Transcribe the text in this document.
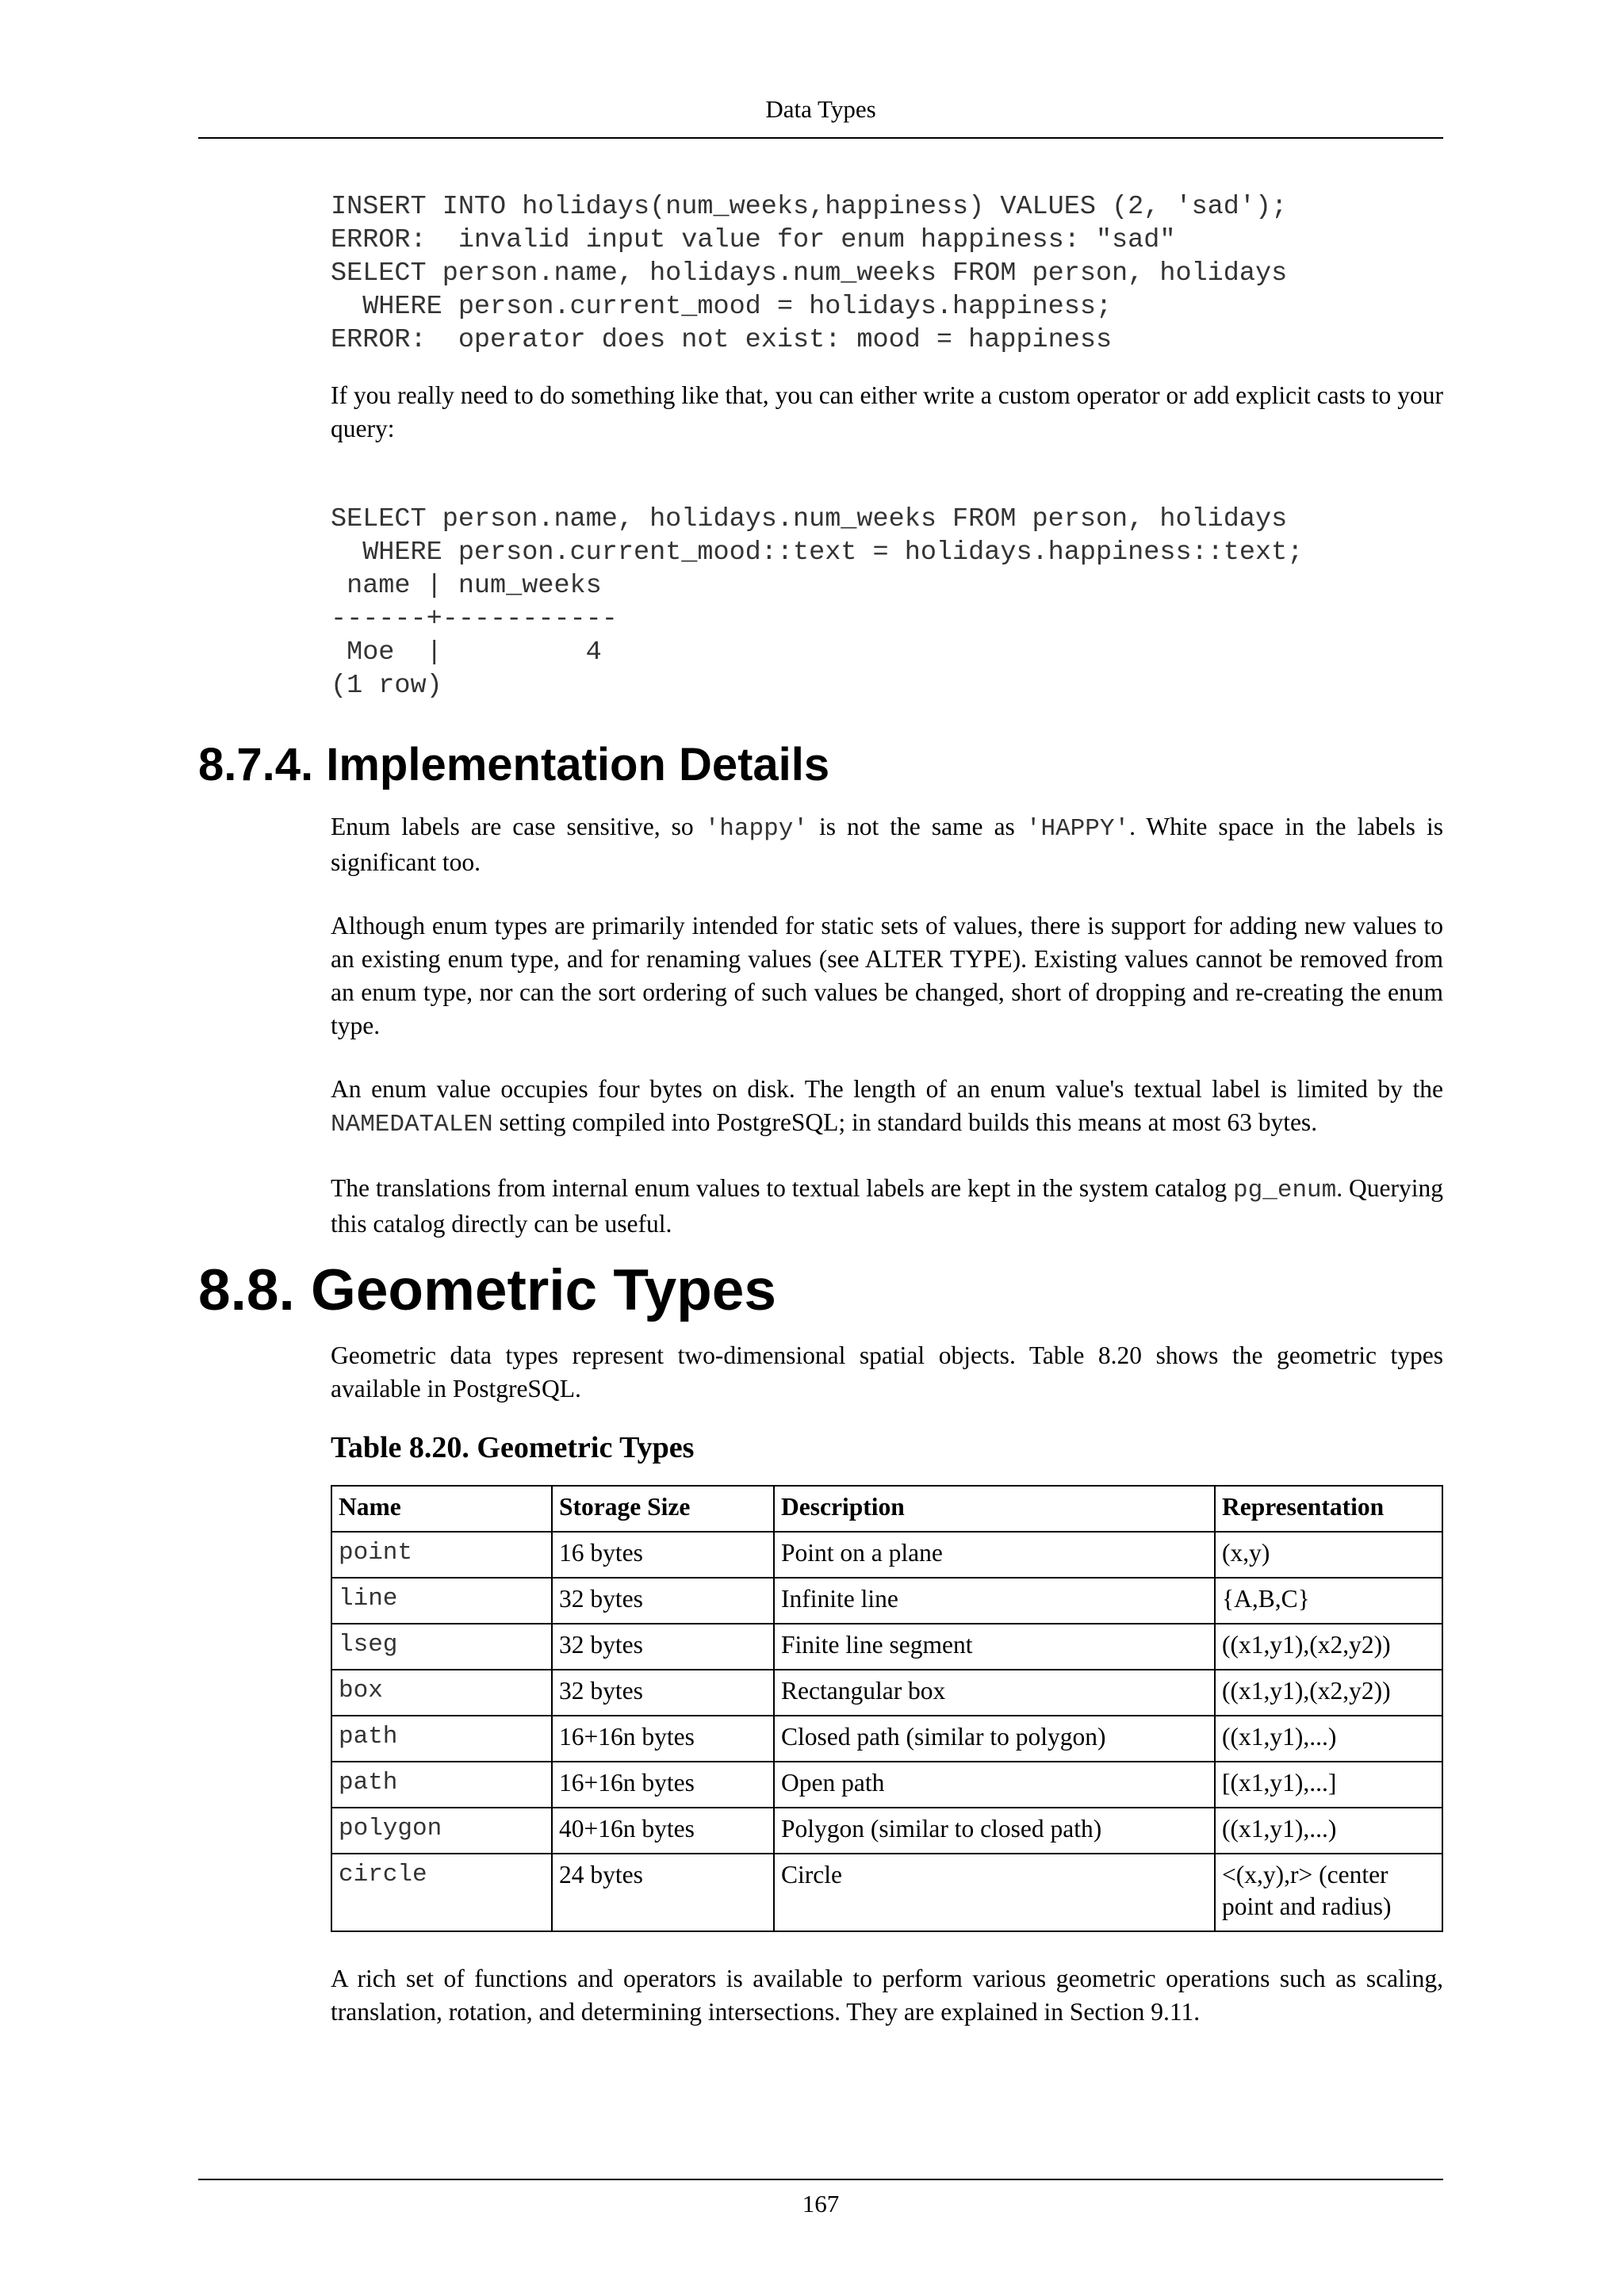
Data Types
INSERT INTO holidays(num_weeks,happiness) VALUES (2, 'sad');
ERROR:  invalid input value for enum happiness: "sad"
SELECT person.name, holidays.num_weeks FROM person, holidays
WHERE person.current_mood = holidays.happiness;
ERROR:  operator does not exist: mood = happiness

If you really need to do something like that, you can either write a custom operator or add explicit casts to your query:

SELECT person.name, holidays.num_weeks FROM person, holidays
WHERE person.current_mood::text = holidays.happiness::text;
name | num_weeks
------+-----------
Moe  |         4
(1 row)
8.7.4. Implementation Details

Enum labels are case sensitive, so 'happy' is not the same as 'HAPPY'. White space in the labels is significant too.

Although enum types are primarily intended for static sets of values, there is support for adding new values to an existing enum type, and for renaming values (see ALTER TYPE). Existing values cannot be removed from an enum type, nor can the sort ordering of such values be changed, short of dropping and re-creating the enum type.

An enum value occupies four bytes on disk. The length of an enum value's textual label is limited by the NAMEDATALEN setting compiled into PostgreSQL; in standard builds this means at most 63 bytes.

The translations from internal enum values to textual labels are kept in the system catalog pg_enum. Querying this catalog directly can be useful.

8.8. Geometric Types

Geometric data types represent two-dimensional spatial objects. Table 8.20 shows the geometric types available in PostgreSQL.

Table 8.20. Geometric Types

Name	Storage Size	Description	Representation
point	16 bytes	Point on a plane	(x,y)
line	32 bytes	Infinite line	{A,B,C}
lseg	32 bytes	Finite line segment	((x1,y1),(x2,y2))
box	32 bytes	Rectangular box	((x1,y1),(x2,y2))
path	16+16n bytes	Closed path (similar to polygon)	((x1,y1),...)
path	16+16n bytes	Open path	[(x1,y1),...]
polygon	40+16n bytes	Polygon (similar to closed path)	((x1,y1),...)
circle	24 bytes	Circle	<(x,y),r> (center point and radius)

A rich set of functions and operators is available to perform various geometric operations such as scaling, translation, rotation, and determining intersections. They are explained in Section 9.11.

167
